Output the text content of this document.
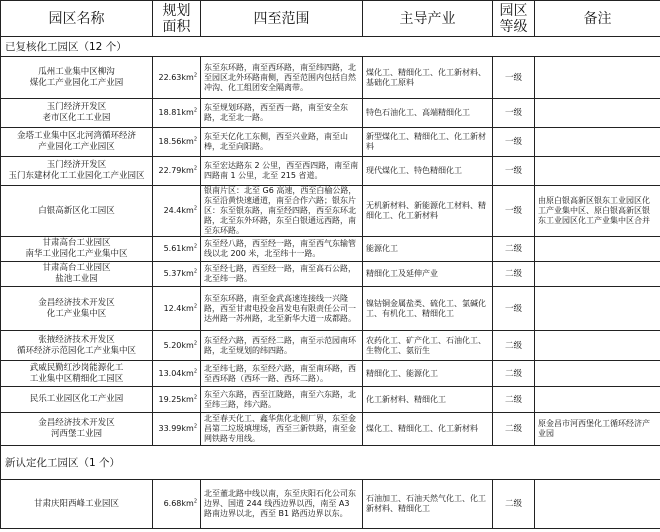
园区名称	规划
面积	四至范围	主导产业	园区
等级	备注
已复核化工园区（12 个）					
瓜州工业集中区柳沟
煤化工产业园化工产业园	$22.63km^2$	东至东环路，南至西环路，南至纬四路，北至园区北外环路南侧，西至范围内包括自然冲沟、化工组团安全隔离带。	煤化工、精细化工、化工新材料、基础化工原料	一级	
玉门经济开发区
老市区化工工业园	$18.81km^2$	东至规划环路，西至西一路，南至安全东路，北至北一路。	特色石油化工、高端精细化工	一级	
金塔工业集中区北河湾循环经济
产业园化工产业园区	$18.56km^2$	东至天亿化工东侧，西至兴业路，南至山棒，北至向阳路。	新型煤化工、精细化工、化工新材料	一级	
玉门经济开发区
玉门东建材化工工业园化工产业园区	$22.79km^2$	东至宏达路东 2 公里，西至西四路，南至南四路南 1 公里，北至 215 省道。	现代煤化工、特色精细化工	一级	
白银高新区化工园区	$24.4km^2$	银南片区：北至 G6 高速，西至白榆公路，东至沿黄快速通道，南至合作六路；银东片区：东至银东路，南至经四路，西至东环北路，北至东外环路，东至白银通远西路，南至东环路。	无机新材料、新能源化工材料、精细化工、化工新材料	一级	由原白银高新区银东工业园区化工产业集中区、原白银高新区银东工业园区化工产业集中区合并
甘肃高台工业园区
南华工业园化工产业集中区	$5.61km^2$	东至经八路，西至经一路，南至西气东输管线以北 200 米，北至纬十一路。	能源化工	二级	
甘肃高台工业园区
盐池工业园	$5.37km^2$	东至经七路，西至经一路，南至高石公路，北至纬一路。	精细化工及延伸产业	二级	
金昌经济技术开发区
化工产业集中区	$12.4km^2$	东至东环路，南至金武高速连接线一兴隆路，西至甘肃电投金昌发电有限责任公司一达州路一苏州路，北至新华大道一成都路。	镍钴铜金属盐类、硫化工、氯碱化工、有机化工、精细化工	一级	
张掖经济技术开发区
循环经济示范园化工产业集中区	$5.20km^2$	东至经六路，西至经二路，南至示范园南环路，北至规划的纬四路。	农药化工、矿产化工、石油化工、生物化工、氨衍生	二级	
武威民勤红沙岗能源化工
工业集中区精细化工园区	$13.04km^2$	北至纬七路，东至经六路，南至南环路，西至西环路（西环一路、西环二路）。	精细化工、能源化工	二级	
民乐工业园区化工产业园	$19.25km^2$	东至六东路，西至江陇路，南至六东路，北至纬三路，纬六路。	化工新材料、精细化工	二级	
金昌经济技术开发区
河西堡工业园	$33.99km^2$	北至春天化工、鑫华焦化北侧厂界，东至金昌第二垃圾填埋场，西至三新铁路，南至金网铁路专用线。	煤化工、精细化工、化工新材料	二级	原金昌市河西堡化工循环经济产业园
新认定化工园区（1 个）					
甘肃庆阳西峰工业园区	$6.68km^2$	北至董北路中线以南，东至庆阳石化公司东边界、国道 244 线西边界以西，南至 A3 路南边界以北，西至 B1 路西边界以东。	石油加工、石油天然气化工、化工新材料、精细化工	二级	
